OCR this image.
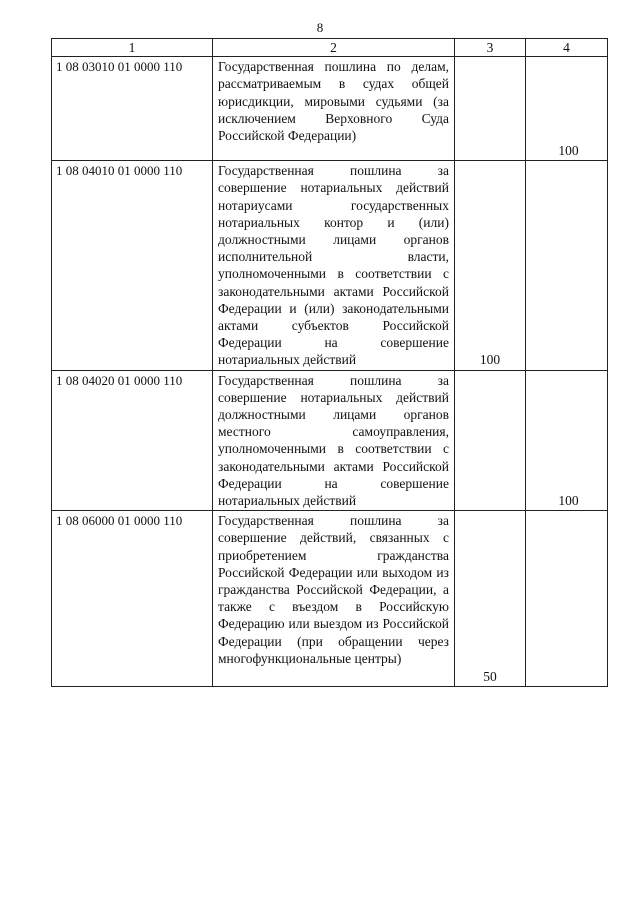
8
1	2	3	4
1 08 03010 01 0000 110	Государственная пошлина по делам, рассматриваемым в судах общей юрисдикции, мировыми судьями (за исключением Верховного Суда Российской Федерации)		100

1 08 04010 01 0000 110	Государственная пошлина за совершение нотариальных действий нотариусами государственных нотариальных контор и (или) должностными лицами органов исполнительной власти, уполномоченными в соответствии с законодательными актами Российской Федерации и (или) законодательными актами субъектов Российской Федерации на совершение нотариальных действий	100	

1 08 04020 01 0000 110	Государственная пошлина за совершение нотариальных действий должностными лицами органов местного самоуправления, уполномоченными в соответствии с законодательными актами Российской Федерации на совершение нотариальных действий		100

1 08 06000 01 0000 110	Государственная пошлина за совершение действий, связанных с приобретением гражданства Российской Федерации или выходом из гражданства Российской Федерации, а также с въездом в Российскую Федерацию или выездом из Российской Федерации (при обращении через многофункциональные центры)	50	
